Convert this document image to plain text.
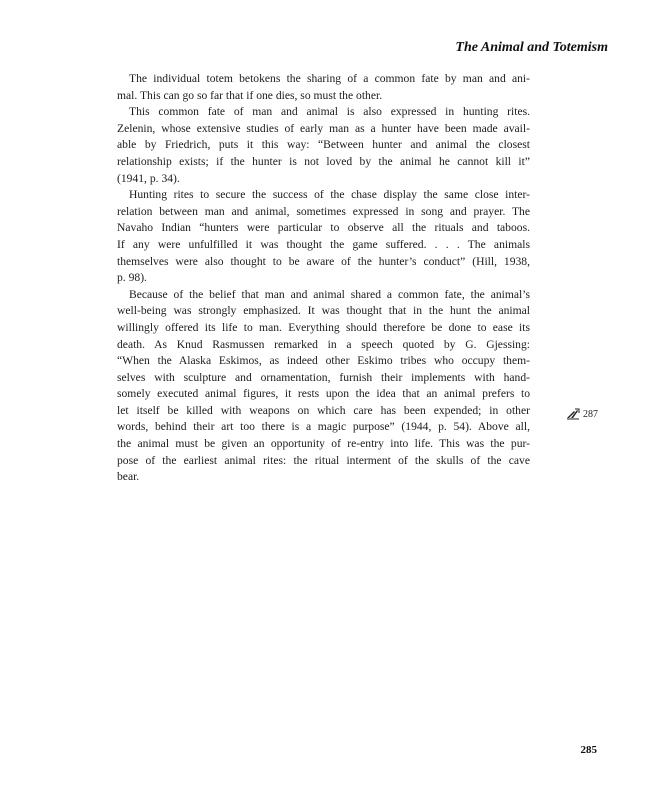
The Animal and Totemism
The individual totem betokens the sharing of a common fate by man and ani-
mal. This can go so far that if one dies, so must the other.
This common fate of man and animal is also expressed in hunting rites.
Zelenin, whose extensive studies of early man as a hunter have been made avail-
able by Friedrich, puts it this way: “Between hunter and animal the closest
relationship exists; if the hunter is not loved by the animal he cannot kill it”
(1941, p. 34).
Hunting rites to secure the success of the chase display the same close inter-
relation between man and animal, sometimes expressed in song and prayer. The
Navaho Indian “hunters were particular to observe all the rituals and taboos.
If any were unfulfilled it was thought the game suffered. . . . The animals
themselves were also thought to be aware of the hunter’s conduct” (Hill, 1938,
p. 98).
Because of the belief that man and animal shared a common fate, the animal’s
well-being was strongly emphasized. It was thought that in the hunt the animal
willingly offered its life to man. Everything should therefore be done to ease its
death. As Knud Rasmussen remarked in a speech quoted by G. Gjessing:
“When the Alaska Eskimos, as indeed other Eskimo tribes who occupy them-
selves with sculpture and ornamentation, furnish their implements with hand-
somely executed animal figures, it rests upon the idea that an animal prefers to
let itself be killed with weapons on which care has been expended; in other
words, behind their art too there is a magic purpose” (1944, p. 54). Above all,
the animal must be given an opportunity of re-entry into life. This was the pur-
pose of the earliest animal rites: the ritual interment of the skulls of the cave
bear.
287
285
